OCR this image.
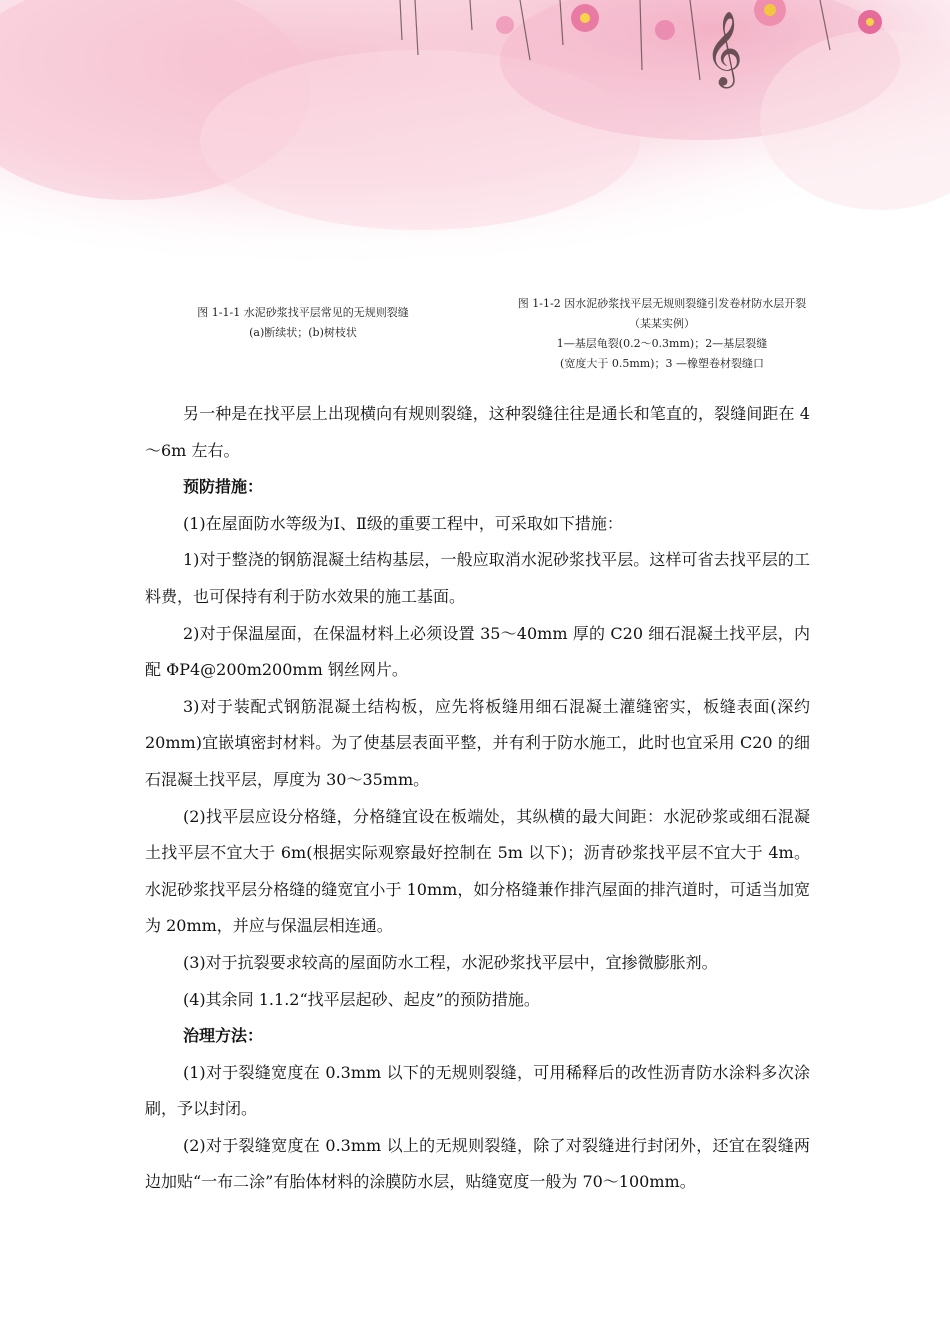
图 1-1-1 水泥砂浆找平层常见的无规则裂缝
(a)断续状；(b)树枝状
图 1-1-2 因水泥砂浆找平层无规则裂缝引发卷材防水层开裂
（某某实例）
1—基层龟裂(0.2～0.3mm)；2—基层裂缝
(宽度大于 0.5mm)；3 —橡塑卷材裂缝口

另一种是在找平层上出现横向有规则裂缝，这种裂缝往往是通长和笔直的，裂缝间距在 4～6m 左右。

预防措施：

(1)在屋面防水等级为Ⅰ、Ⅱ级的重要工程中，可采取如下措施：

1)对于整浇的钢筋混凝土结构基层，一般应取消水泥砂浆找平层。这样可省去找平层的工料费，也可保持有利于防水效果的施工基面。

2)对于保温屋面，在保温材料上必须设置 35～40mm 厚的 C20 细石混凝土找平层，内配 ΦP4@200m200mm 钢丝网片。

3)对于装配式钢筋混凝土结构板，应先将板缝用细石混凝土灌缝密实，板缝表面(深约 20mm)宜嵌填密封材料。为了使基层表面平整，并有利于防水施工，此时也宜采用 C20 的细石混凝土找平层，厚度为 30～35mm。

(2)找平层应设分格缝，分格缝宜设在板端处，其纵横的最大间距：水泥砂浆或细石混凝土找平层不宜大于 6m(根据实际观察最好控制在 5m 以下)；沥青砂浆找平层不宜大于 4m。水泥砂浆找平层分格缝的缝宽宜小于 10mm，如分格缝兼作排汽屋面的排汽道时，可适当加宽为 20mm，并应与保温层相连通。

(3)对于抗裂要求较高的屋面防水工程，水泥砂浆找平层中，宜掺微膨胀剂。

(4)其余同 1.1.2“找平层起砂、起皮”的预防措施。

治理方法：

(1)对于裂缝宽度在 0.3mm 以下的无规则裂缝，可用稀释后的改性沥青防水涂料多次涂刷，予以封闭。

(2)对于裂缝宽度在 0.3mm 以上的无规则裂缝，除了对裂缝进行封闭外，还宜在裂缝两边加贴“一布二涂”有胎体材料的涂膜防水层，贴缝宽度一般为 70～100mm。
